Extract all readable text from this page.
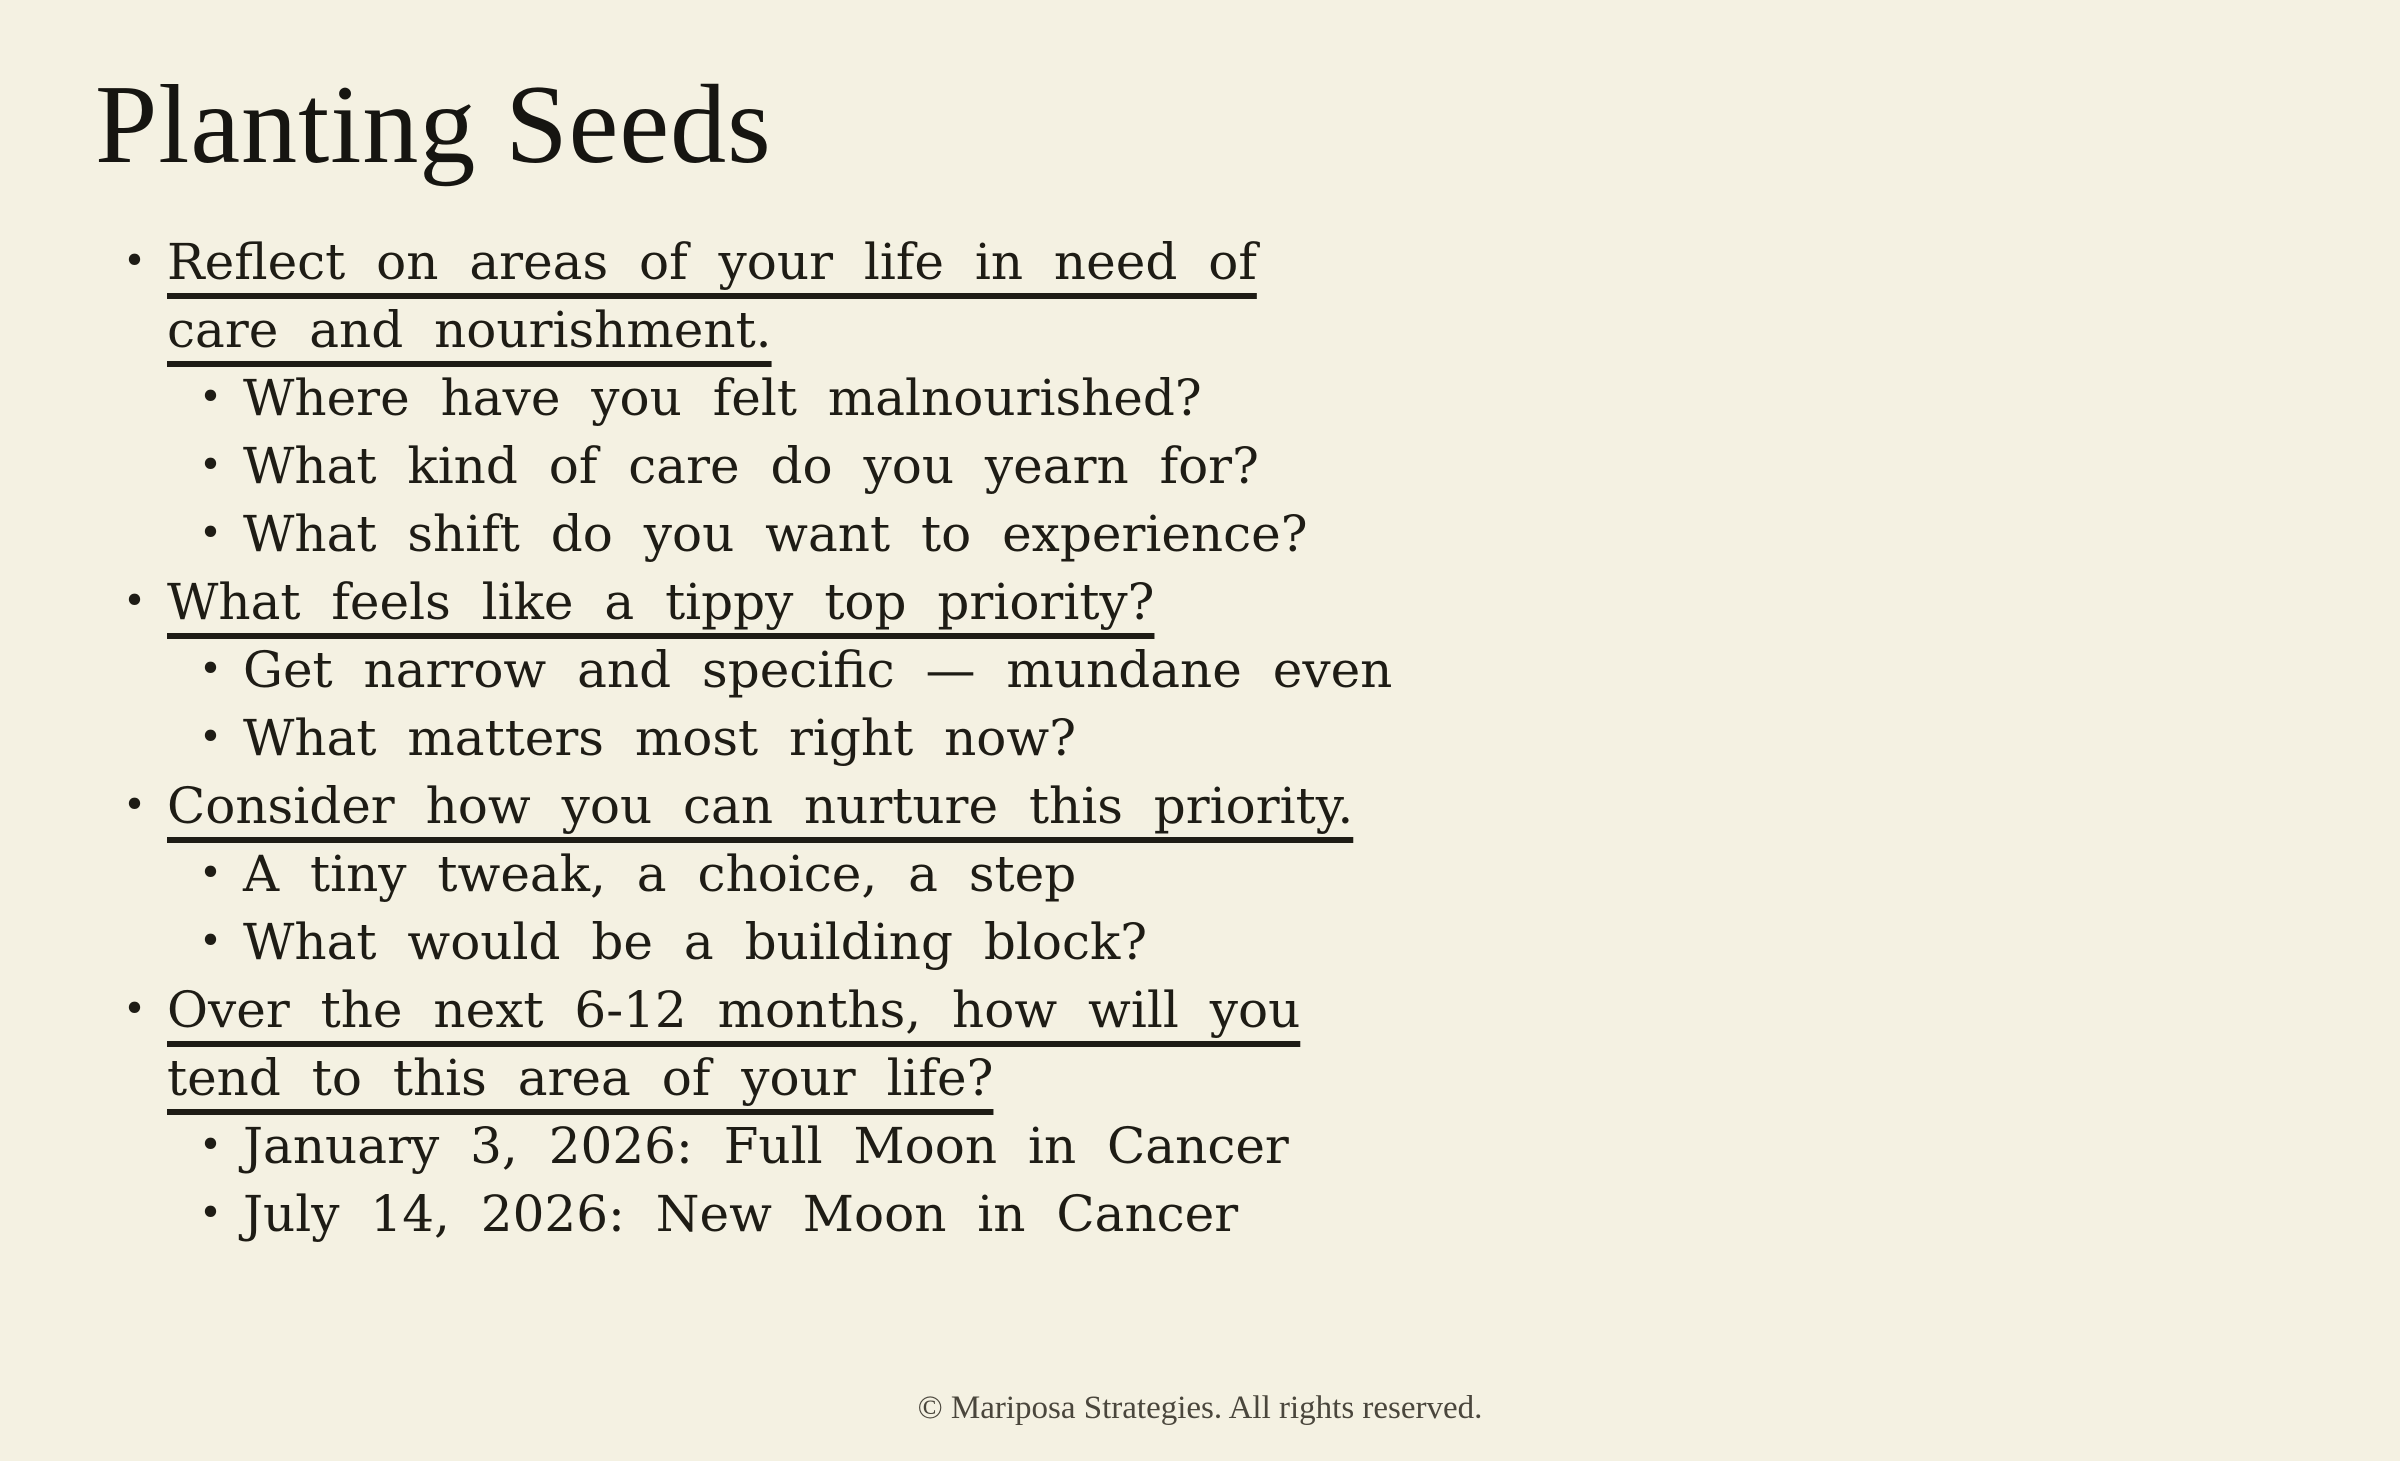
Planting Seeds
• Reflect on areas of your life in need of
care and nourishment.
• Where have you felt malnourished?
• What kind of care do you yearn for?
• What shift do you want to experience?
• What feels like a tippy top priority?
• Get narrow and specific — mundane even
• What matters most right now?
• Consider how you can nurture this priority.
• A tiny tweak, a choice, a step
• What would be a building block?
• Over the next 6-12 months, how will you
tend to this area of your life?
• January 3, 2026: Full Moon in Cancer
• July 14, 2026: New Moon in Cancer
© Mariposa Strategies. All rights reserved.
